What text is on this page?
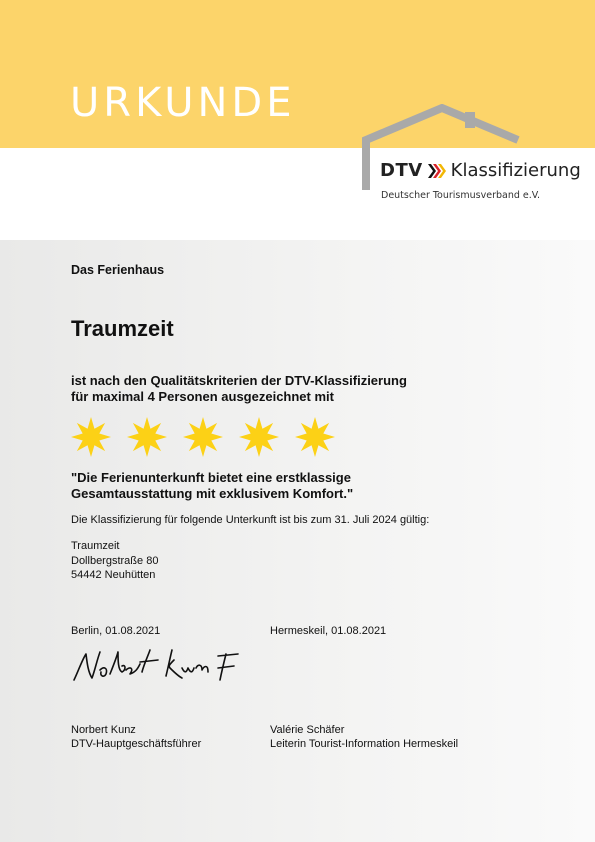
URKUNDE
DTV Klassifizierung
Deutscher Tourismusverband e.V.
Das Ferienhaus
Traumzeit
ist nach den Qualitätskriterien der DTV-Klassifizierung
für maximal 4 Personen ausgezeichnet mit
"Die Ferienunterkunft bietet eine erstklassige
Gesamtausstattung mit exklusivem Komfort."
Die Klassifizierung für folgende Unterkunft ist bis zum 31. Juli 2024 gültig:
Traumzeit
Dollbergstraße 80
54442 Neuhütten
Berlin, 01.08.2021	Hermeskeil, 01.08.2021
Norbert Kunz
DTV-Hauptgeschäftsführer
Valérie Schäfer
Leiterin Tourist-Information Hermeskeil
